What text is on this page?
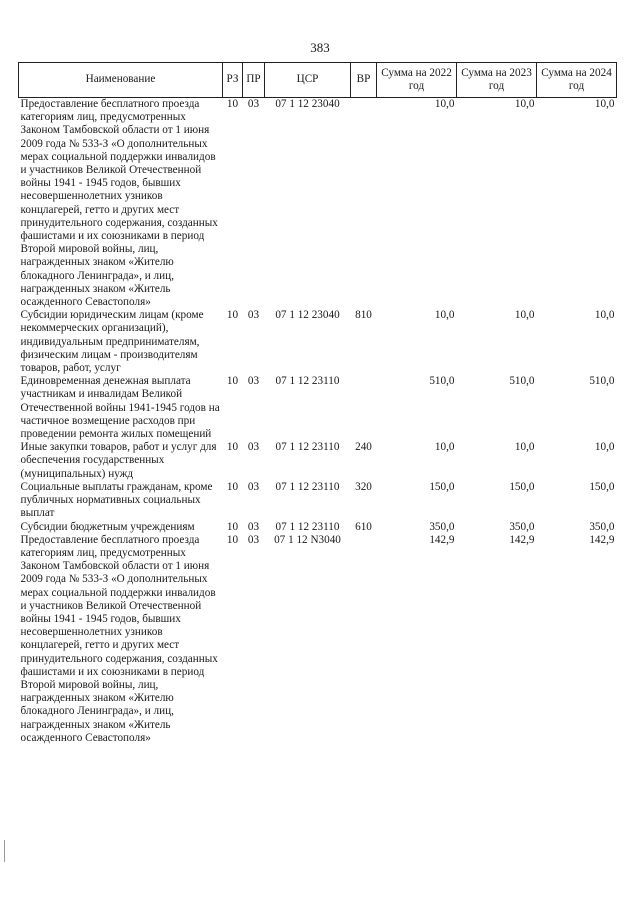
383
Наименование	РЗ	ПР	ЦСР	ВР	Сумма на 2022 год	Сумма на 2023 год	Сумма на 2024 год
Предоставление бесплатного проезда категориям лиц, предусмотренных Законом Тамбовской области от 1 июня 2009 года № 533-З «О дополнительных мерах социальной поддержки инвалидов и участников Великой Отечественной войны 1941 - 1945 годов, бывших несовершеннолетних узников концлагерей, гетто и других мест принудительного содержания, созданных фашистами и их союзниками в период Второй мировой войны, лиц, награжденных знаком «Жителю блокадного Ленинграда», и лиц, награжденных знаком «Житель осажденного Севастополя»	10	03	07 1 12 23040		10,0	10,0	10,0
Субсидии юридическим лицам (кроме некоммерческих организаций), индивидуальным предпринимателям, физическим лицам - производителям товаров, работ, услуг	10	03	07 1 12 23040	810	10,0	10,0	10,0
Единовременная денежная выплата участникам и инвалидам Великой Отечественной войны 1941-1945 годов на частичное возмещение расходов при проведении ремонта жилых помещений	10	03	07 1 12 23110		510,0	510,0	510,0
Иные закупки товаров, работ и услуг для обеспечения государственных (муниципальных) нужд	10	03	07 1 12 23110	240	10,0	10,0	10,0
Социальные выплаты гражданам, кроме публичных нормативных социальных выплат	10	03	07 1 12 23110	320	150,0	150,0	150,0
Субсидии бюджетным учреждениям	10	03	07 1 12 23110	610	350,0	350,0	350,0
Предоставление бесплатного проезда категориям лиц, предусмотренных Законом Тамбовской области от 1 июня 2009 года № 533-З «О дополнительных мерах социальной поддержки инвалидов и участников Великой Отечественной войны 1941 - 1945 годов, бывших несовершеннолетних узников концлагерей, гетто и других мест принудительного содержания, созданных фашистами и их союзниками в период Второй мировой войны, лиц, награжденных знаком «Жителю блокадного Ленинграда», и лиц, награжденных знаком «Житель осажденного Севастополя»	10	03	07 1 12 N3040		142,9	142,9	142,9
